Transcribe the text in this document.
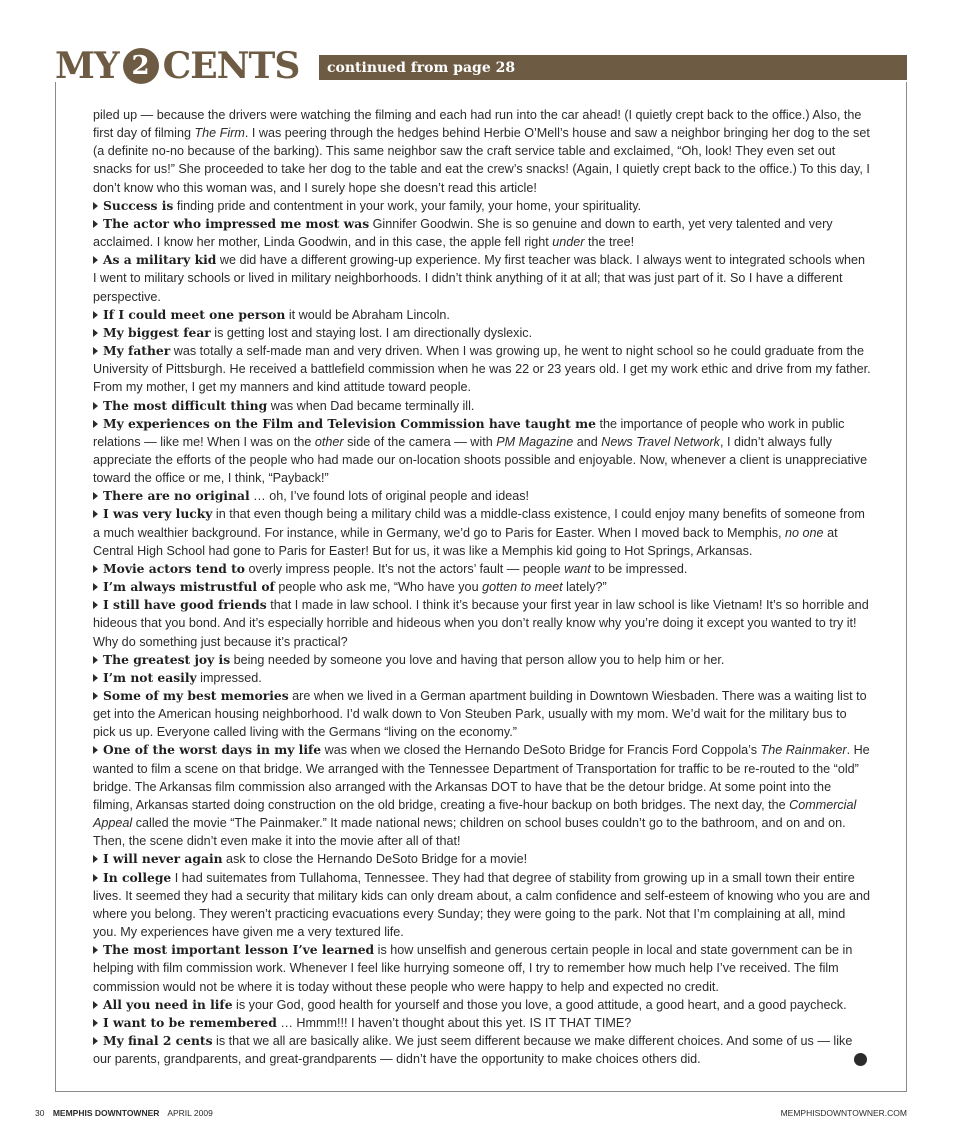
MY 2 CENTS continued from page 28

piled up — because the drivers were watching the filming and each had run into the car ahead! (I quietly crept back to the office.) Also, the first day of filming The Firm. I was peering through the hedges behind Herbie O’Mell’s house and saw a neighbor bringing her dog to the set (a definite no-no because of the barking). This same neighbor saw the craft service table and exclaimed, “Oh, look! They even set out snacks for us!” She proceeded to take her dog to the table and eat the crew’s snacks! (Again, I quietly crept back to the office.) To this day, I don’t know who this woman was, and I surely hope she doesn’t read this article!

Success is finding pride and contentment in your work, your family, your home, your spirituality.

The actor who impressed me most was Ginnifer Goodwin. She is so genuine and down to earth, yet very talented and very acclaimed. I know her mother, Linda Goodwin, and in this case, the apple fell right under the tree!

As a military kid we did have a different growing-up experience. My first teacher was black. I always went to integrated schools when I went to military schools or lived in military neighborhoods. I didn’t think anything of it at all; that was just part of it. So I have a different perspective.

If I could meet one person it would be Abraham Lincoln.

My biggest fear is getting lost and staying lost. I am directionally dyslexic.

My father was totally a self-made man and very driven. When I was growing up, he went to night school so he could graduate from the University of Pittsburgh. He received a battlefield commission when he was 22 or 23 years old. I get my work ethic and drive from my father. From my mother, I get my manners and kind attitude toward people.

The most difficult thing was when Dad became terminally ill.

My experiences on the Film and Television Commission have taught me the importance of people who work in public relations — like me! When I was on the other side of the camera — with PM Magazine and News Travel Network, I didn’t always fully appreciate the efforts of the people who had made our on-location shoots possible and enjoyable. Now, whenever a client is unappreciative toward the office or me, I think, “Payback!”

There are no original … oh, I’ve found lots of original people and ideas!

I was very lucky in that even though being a military child was a middle-class existence, I could enjoy many benefits of someone from a much wealthier background. For instance, while in Germany, we’d go to Paris for Easter. When I moved back to Memphis, no one at Central High School had gone to Paris for Easter! But for us, it was like a Memphis kid going to Hot Springs, Arkansas.

Movie actors tend to overly impress people. It’s not the actors’ fault — people want to be impressed.

I’m always mistrustful of people who ask me, “Who have you gotten to meet lately?”

I still have good friends that I made in law school. I think it’s because your first year in law school is like Vietnam! It’s so horrible and hideous that you bond. And it’s especially horrible and hideous when you don’t really know why you’re doing it except you wanted to try it! Why do something just because it’s practical?

The greatest joy is being needed by someone you love and having that person allow you to help him or her.

I’m not easily impressed.

Some of my best memories are when we lived in a German apartment building in Downtown Wiesbaden. There was a waiting list to get into the American housing neighborhood. I’d walk down to Von Steuben Park, usually with my mom. We’d wait for the military bus to pick us up. Everyone called living with the Germans “living on the economy.”

One of the worst days in my life was when we closed the Hernando DeSoto Bridge for Francis Ford Coppola’s The Rainmaker. He wanted to film a scene on that bridge. We arranged with the Tennessee Department of Transportation for traffic to be re-routed to the “old” bridge. The Arkansas film commission also arranged with the Arkansas DOT to have that be the detour bridge. At some point into the filming, Arkansas started doing construction on the old bridge, creating a five-hour backup on both bridges. The next day, the Commercial Appeal called the movie “The Painmaker.” It made national news; children on school buses couldn’t go to the bathroom, and on and on. Then, the scene didn’t even make it into the movie after all of that!

I will never again ask to close the Hernando DeSoto Bridge for a movie!

In college I had suitemates from Tullahoma, Tennessee. They had that degree of stability from growing up in a small town their entire lives. It seemed they had a security that military kids can only dream about, a calm confidence and self-esteem of knowing who you are and where you belong. They weren’t practicing evacuations every Sunday; they were going to the park. Not that I’m complaining at all, mind you. My experiences have given me a very textured life.

The most important lesson I’ve learned is how unselfish and generous certain people in local and state government can be in helping with film commission work. Whenever I feel like hurrying someone off, I try to remember how much help I’ve received. The film commission would not be where it is today without these people who were happy to help and expected no credit.

All you need in life is your God, good health for yourself and those you love, a good attitude, a good heart, and a good paycheck.

I want to be remembered … Hmmm!!! I haven’t thought about this yet. IS IT THAT TIME?

My final 2 cents is that we all are basically alike. We just seem different because we make different choices. And some of us — like our parents, grandparents, and great-grandparents — didn’t have the opportunity to make choices others did.

30 MEMPHIS DOWNTOWNER APRIL 2009	MEMPHISDOWNTOWNER.COM
